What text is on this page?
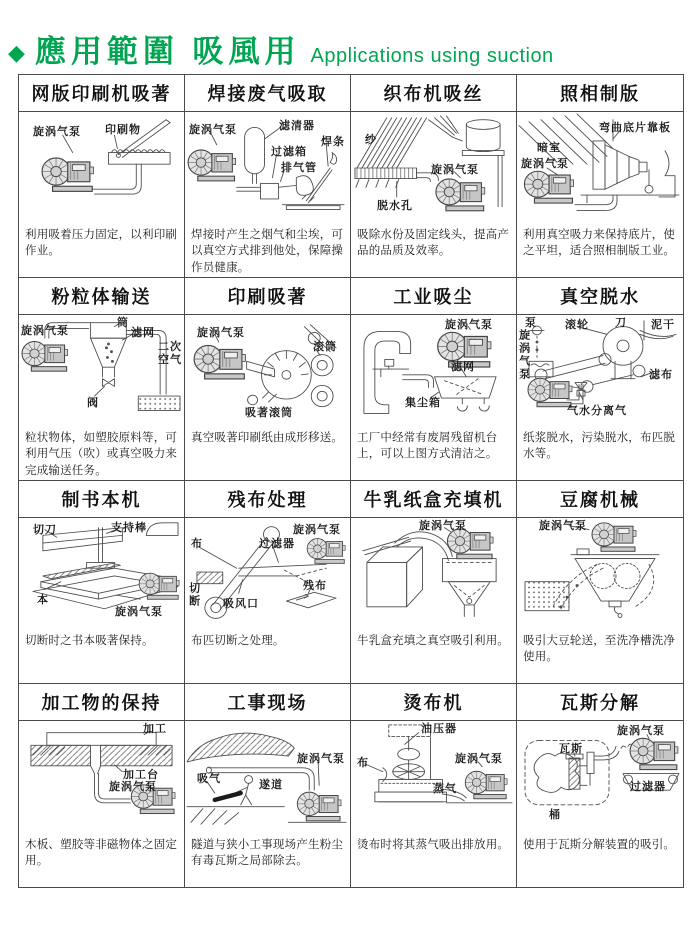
◆ 應用範圍 吸風用 Applications using suction
网版印刷机吸著
旋涡气泵 印刷物
利用吸着压力固定，以利印刷作业。
焊接废气吸取
旋涡气泵	滤清器
过滤箱
排气管
焊条
焊接时产生之烟气和尘埃，可以真空方式排到他处，保障操作员健康。
织布机吸丝
纱
旋涡气泵
脱水孔
吸除水份及固定线头，提高产品的品质及效率。
照相制版
弯曲底片靠板
暗室
旋涡气泵
利用真空吸力来保持底片，使之平坦，适合照相制版工业。
粉粒体输送
旋涡气泵
筒
滤网
二次空气
阀
粒状物体，如塑胶原料等，可利用气压（吹）或真空吸力来完成输送任务。
印刷吸著
旋涡气泵
滚筒
吸著滚筒
真空吸著印刷纸由成形移送。
工业吸尘
旋涡气泵
滤网
集尘箱
工厂中经常有废屑残留机台上，可以上图方式清洁之。
真空脱水
泵	滚轮 刀 泥干
旋涡气泵	滤布
气水分离气
纸浆脱水，污染脱水，布匹脱水等。
制书本机
切刀	支持棒
本
旋涡气泵
切断时之书本吸著保持。
残布处理
布
旋涡气泵
过滤器
切断 吸风口
残布
布匹切断之处理。
牛乳纸盒充填机
旋涡气泵
牛乳盒充填之真空吸引利用。
豆腐机械
旋涡气泵
吸引大豆轮送，至洗净槽洗净使用。
加工物的保持
加工
加工台
旋涡气泵
木板、塑胶等非磁物体之固定用。
工事现场
吸气	遂道
旋涡气泵
隧道与狭小工事现场产生粉尘有毒瓦斯之局部除去。
烫布机
油压器
布	旋涡气泵
蒸气
烫布时将其蒸气吸出排放用。
瓦斯分解
旋涡气泵
瓦斯
过滤器
桶
使用于瓦斯分解装置的吸引。
